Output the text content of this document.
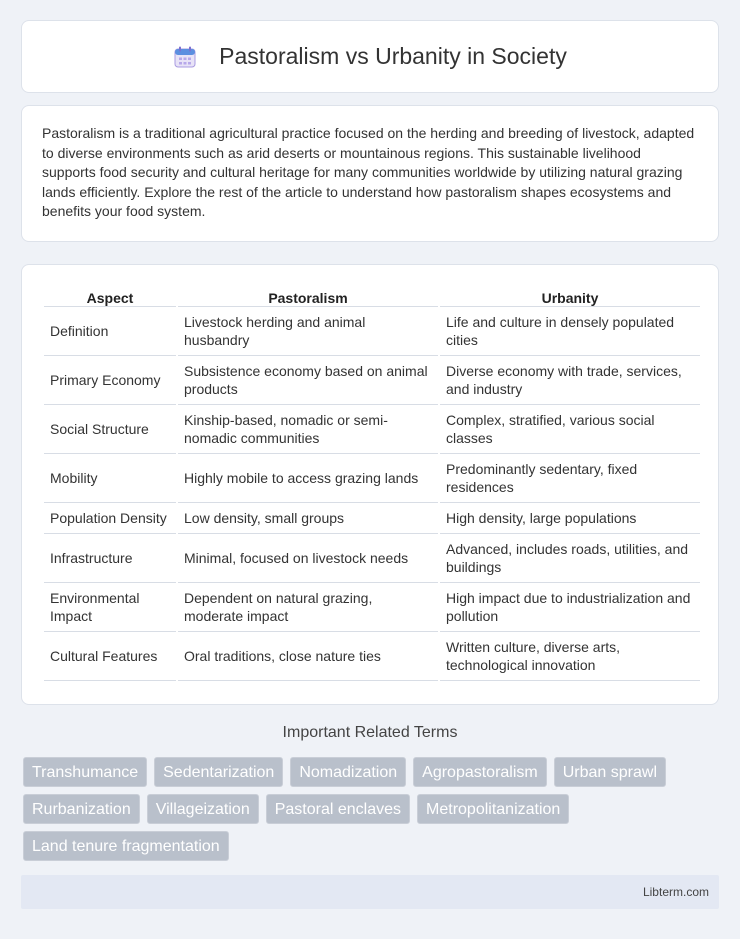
Pastoralism vs Urbanity in Society

Pastoralism is a traditional agricultural practice focused on the herding and breeding of livestock, adapted to diverse environments such as arid deserts or mountainous regions. This sustainable livelihood supports food security and cultural heritage for many communities worldwide by utilizing natural grazing lands efficiently. Explore the rest of the article to understand how pastoralism shapes ecosystems and benefits your food system.

Aspect	Pastoralism	Urbanity
Definition	Livestock herding and animal husbandry	Life and culture in densely populated cities
Primary Economy	Subsistence economy based on animal products	Diverse economy with trade, services, and industry
Social Structure	Kinship-based, nomadic or semi-nomadic communities	Complex, stratified, various social classes
Mobility	Highly mobile to access grazing lands	Predominantly sedentary, fixed residences
Population Density	Low density, small groups	High density, large populations
Infrastructure	Minimal, focused on livestock needs	Advanced, includes roads, utilities, and buildings
Environmental Impact	Dependent on natural grazing, moderate impact	High impact due to industrialization and pollution
Cultural Features	Oral traditions, close nature ties	Written culture, diverse arts, technological innovation
Important Related Terms
Transhumance	Sedentarization	Nomadization	Agropastoralism	Urban sprawl
Rurbanization	Villageization	Pastoral enclaves	Metropolitanization
Land tenure fragmentation
Libterm.com
